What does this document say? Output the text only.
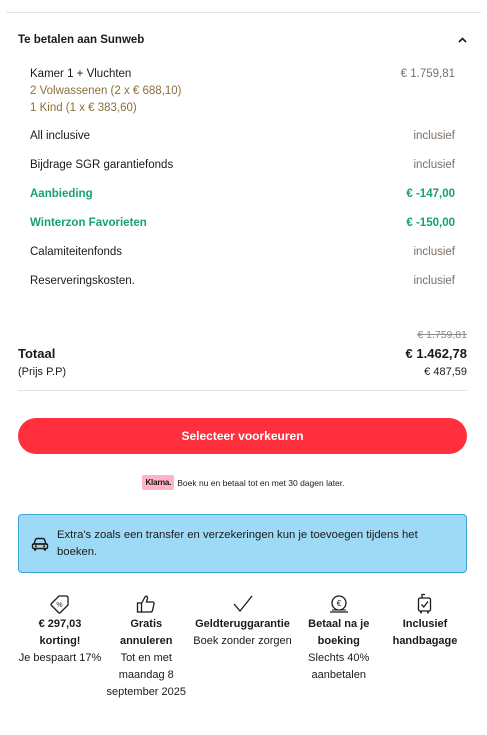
Te betalen aan Sunweb
Kamer 1 + Vluchten	€ 1.759,81
2 Volwassenen (2 x € 688,10)
1 Kind (1 x € 383,60)
All inclusive	inclusief
Bijdrage SGR garantiefonds	inclusief
Aanbieding	€ -147,00
Winterzon Favorieten	€ -150,00
Calamiteitenfonds	inclusief
Reserveringskosten.	inclusief
€ 1.759,81
Totaal	€ 1.462,78
(Prijs P.P)	€ 487,59
Selecteer voorkeuren
Klarna. Boek nu en betaal tot en met 30 dagen later.
Extra's zoals een transfer en verzekeringen kun je toevoegen tijdens het boeken.
%
€ 297,03 korting!
Je bespaart 17%
Gratis annuleren
Tot en met maandag 8 september 2025
Geldteruggarantie
Boek zonder zorgen
€
Betaal na je boeking
Slechts 40% aanbetalen
Inclusief handbagage
